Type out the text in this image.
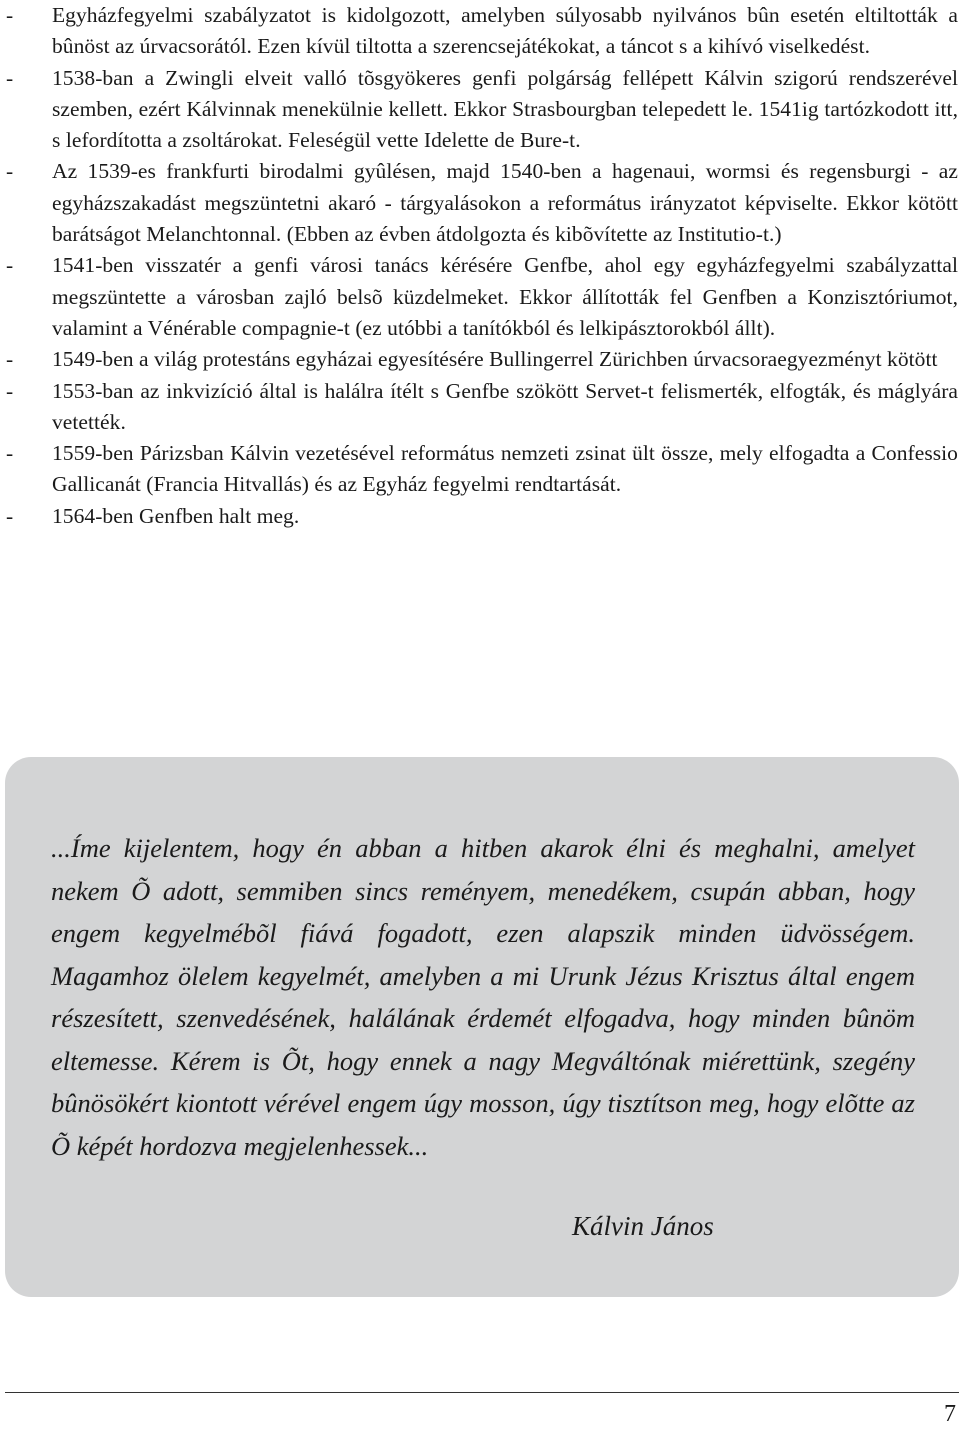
- Egyházfegyelmi szabályzatot is kidolgozott, amelyben súlyosabb nyilvános bûn esetén eltiltották a bûnöst az úrvacsorától. Ezen kívül tiltotta a szerencsejátékokat, a táncot s a kihívó viselkedést.
- 1538-ban a Zwingli elveit valló tõsgyökeres genfi polgárság fellépett Kálvin szigorú rendszerével szemben, ezért Kálvinnak menekülnie kellett. Ekkor Strasbourgban telepedett le. 1541ig tartózkodott itt, s lefordította a zsoltárokat. Feleségül vette Idelette de Bure-t.
- Az 1539-es frankfurti birodalmi gyûlésen, majd 1540-ben a hagenaui, wormsi és regensburgi - az egyházszakadást megszüntetni akaró - tárgyalásokon a református irányzatot képviselte. Ekkor kötött barátságot Melanchtonnal. (Ebben az évben átdolgozta és kibõvítette az Institutio-t.)
- 1541-ben visszatér a genfi városi tanács kérésére Genfbe, ahol egy egyházfegyelmi szabályzattal megszüntette a városban zajló belsõ küzdelmeket. Ekkor állították fel Genfben a Konzisztóriumot, valamint a Vénérable compagnie-t (ez utóbbi a tanítókból és lelkipásztorokból állt).
- 1549-ben a világ protestáns egyházai egyesítésére Bullingerrel Zürichben úrvacsoraegyezményt kötött
- 1553-ban az inkvizíció által is halálra ítélt s Genfbe szökött Servet-t felismerték, elfogták, és máglyára vetették.
- 1559-ben Párizsban Kálvin vezetésével református nemzeti zsinat ült össze, mely elfogadta a Confessio Gallicanát (Francia Hitvallás) és az Egyház fegyelmi rendtartását.
- 1564-ben Genfben halt meg.

...Íme kijelentem, hogy én abban a hitben akarok élni és meghalni, amelyet nekem Õ adott, semmiben sincs reményem, menedékem, csupán abban, hogy engem kegyelmébõl fiává fogadott, ezen alapszik minden üdvösségem. Magamhoz ölelem kegyelmét, amelyben a mi Urunk Jézus Krisztus által engem részesített, szenvedésének, halálának érdemét elfogadva, hogy minden bûnöm eltemesse. Kérem is Õt, hogy ennek a nagy Megváltónak miérettünk, szegény bûnösökért kiontott vérével engem úgy mosson, úgy tisztítson meg, hogy elõtte az Õ képét hordozva megjelenhessek...

Kálvin János
7
